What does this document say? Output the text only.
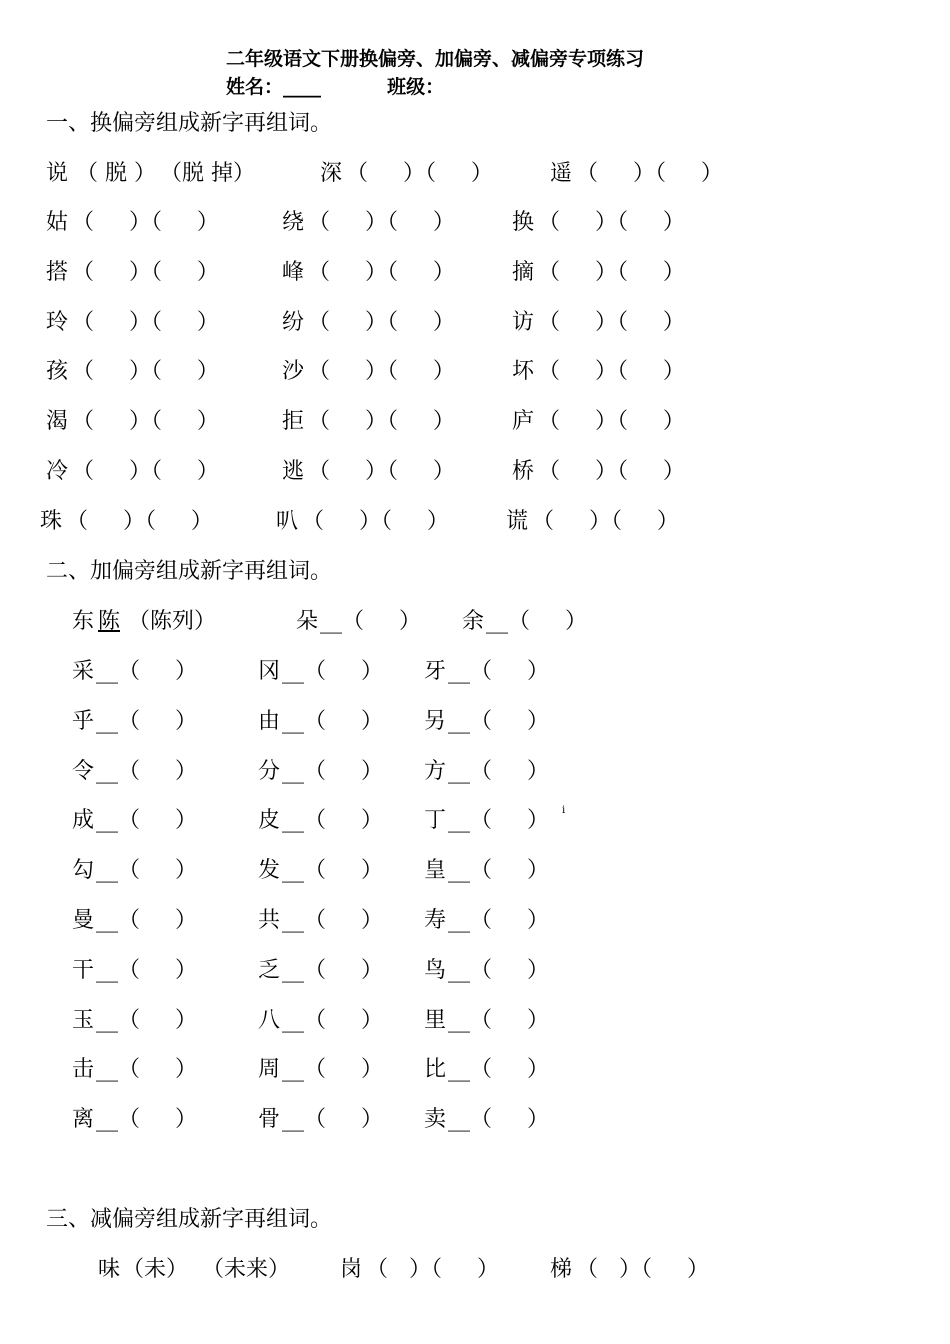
二年级语文下册换偏旁、加偏旁、减偏旁专项练习
姓名：____          班级：
一、换偏旁组成新字再组词。
说 （ 脱 ） （脱 掉）	深 （     ）（     ）	遥 （     ）（     ）
姑 （     ）（     ）	绕 （     ）（     ）	换 （     ）（     ）
搭 （     ）（     ）	峰 （     ）（     ）	摘 （     ）（     ）
玲 （     ）（     ）	纷 （     ）（     ）	访 （     ）（     ）
孩 （     ）（     ）	沙 （     ）（     ）	坏 （     ）（     ）
渴 （     ）（     ）	拒 （     ）（     ）	庐 （     ）（     ）
冷 （     ）（     ）	逃 （     ）（     ）	桥 （     ）（     ）
珠 （     ）（     ）	叭 （     ）（     ）	谎 （     ）（     ）
二、加偏旁组成新字再组词。
东 陈 （陈列）	朵 __（     ） 余 __（     ）
采 __（     ）	冈 __（     ） 牙 __（     ）
乎 __（     ）	由 __（     ） 另 __（     ）
令 __（     ）	分 __（     ） 方 __（     ）
成 __（     ）	皮 __（     ） 丁 __（     ）
勾 __（     ）	发 __（     ） 皇 __（     ）
曼 __（     ）	共 __（     ） 寿 __（     ）
干 __（     ）	乏 __（     ） 鸟 __（     ）
玉 __（     ）	八 __（     ） 里 __（     ）
击 __（     ）	周 __（     ） 比 __（     ）
离 __（     ）	骨 __（     ） 卖 __（     ）
i
三、减偏旁组成新字再组词。
味 （未） （未来） 岗 （   ）（     ） 梯 （   ）（     ）
